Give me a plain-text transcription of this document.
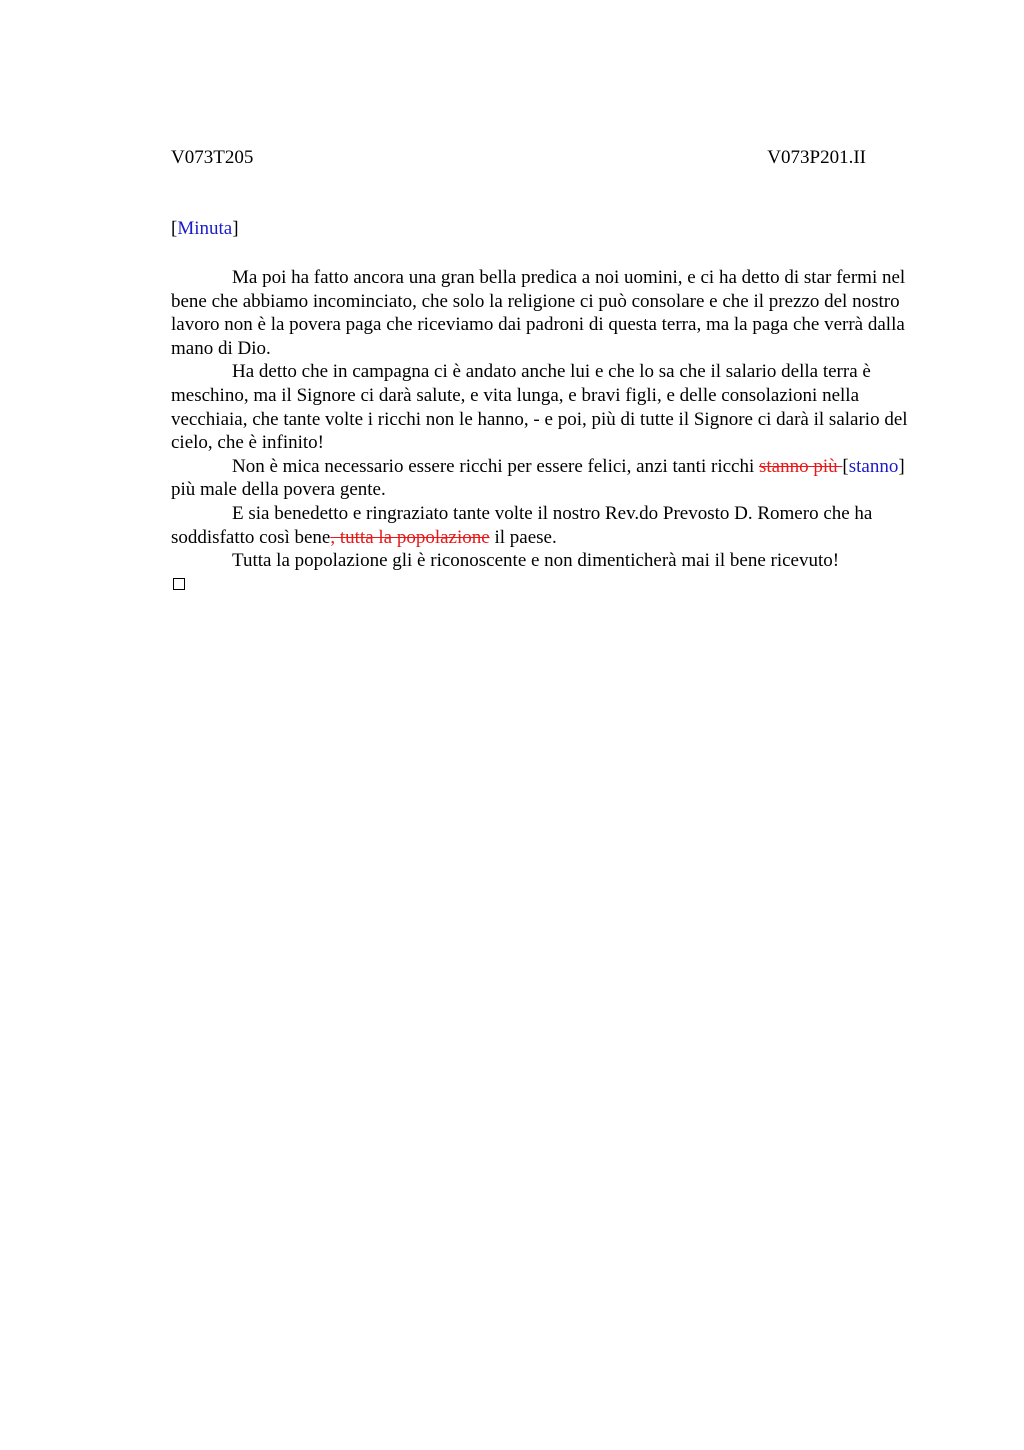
V073T205	V073P201.II
[Minuta]

Ma poi ha fatto ancora una gran bella predica a noi uomini, e ci ha detto di star fermi nel bene che abbiamo incominciato, che solo la religione ci può consolare e che il prezzo del nostro lavoro non è la povera paga che riceviamo dai padroni di questa terra, ma la paga che verrà dalla mano di Dio.

Ha detto che in campagna ci è andato anche lui e che lo sa che il salario della terra è meschino, ma il Signore ci darà salute, e vita lunga, e bravi figli, e delle consolazioni nella vecchiaia, che tante volte i ricchi non le hanno, - e poi, più di tutte il Signore ci darà il salario del cielo, che è infinito!

Non è mica necessario essere ricchi per essere felici, anzi tanti ricchi stanno più [stanno] più male della povera gente.

E sia benedetto e ringraziato tante volte il nostro Rev.do Prevosto D. Romero che ha soddisfatto così bene, tutta la popolazione il paese.

Tutta la popolazione gli è riconoscente e non dimenticherà mai il bene ricevuto!
